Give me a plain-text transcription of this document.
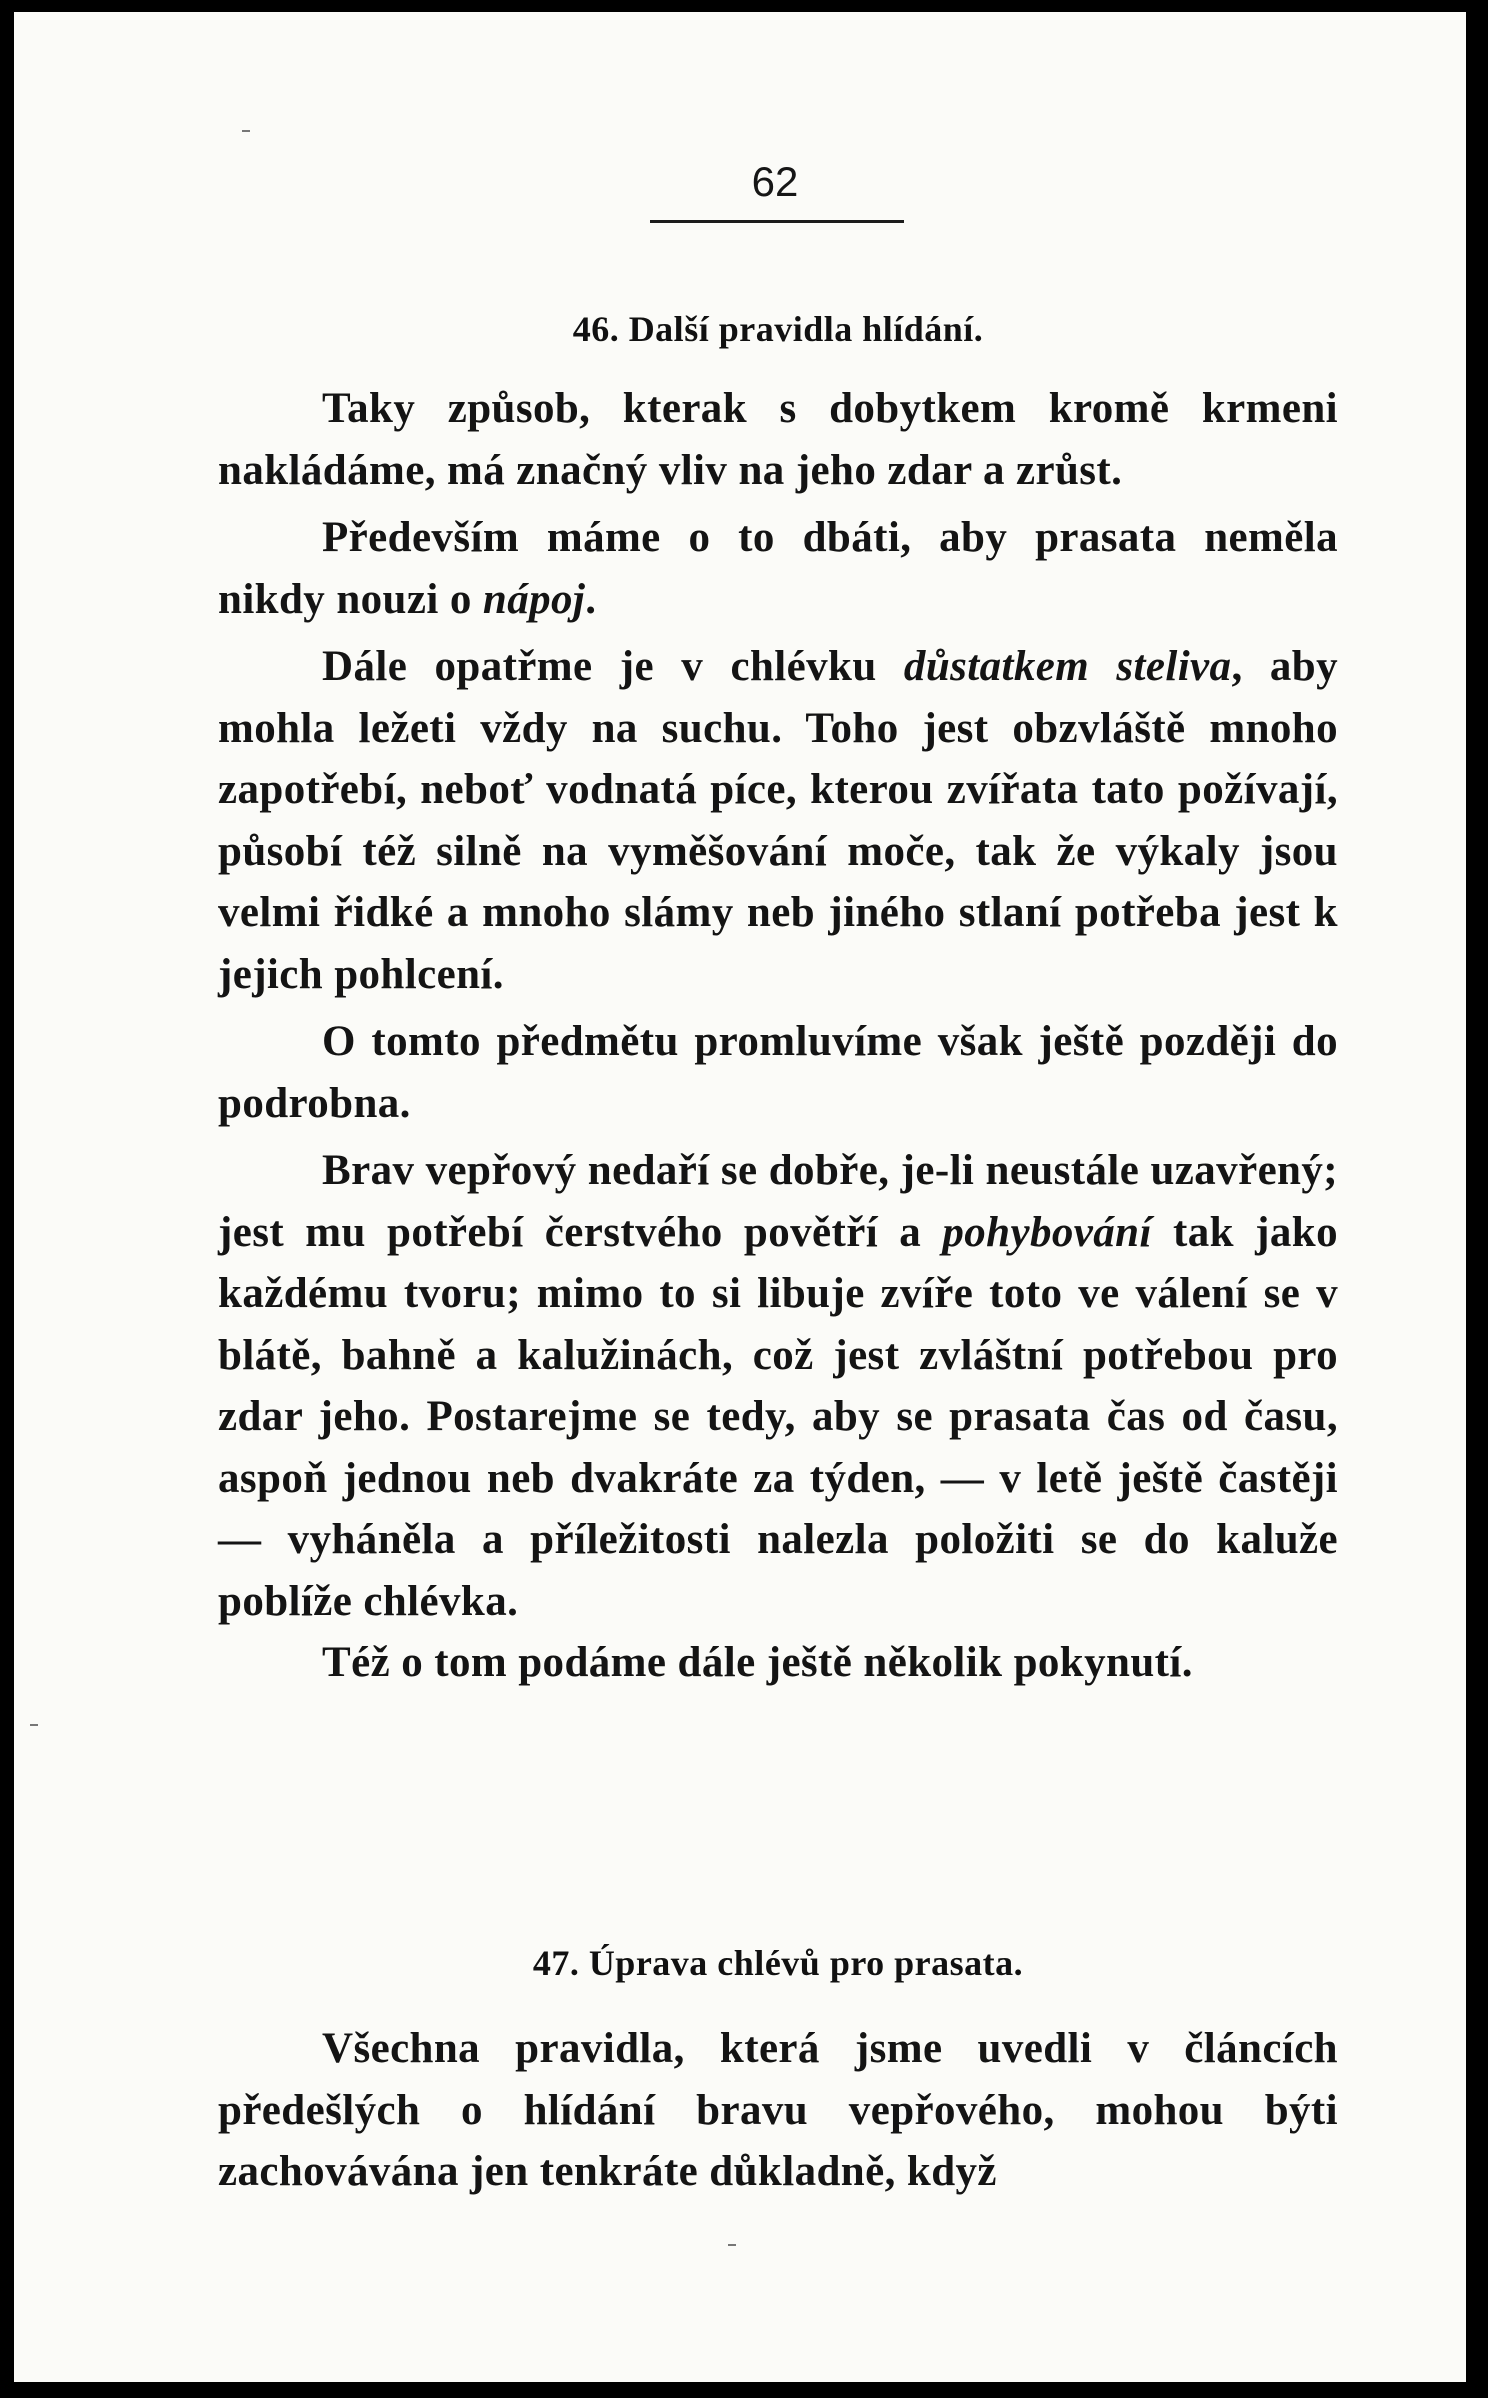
62
46. Další pravidla hlídání.

Taky způsob, kterak s dobytkem kromě krmeni nakládáme, má značný vliv na jeho zdar a zrůst.

Především máme o to dbáti, aby prasata neměla nikdy nouzi o nápoj.

Dále opatřme je v chlévku důstatkem steliva, aby mohla ležeti vždy na suchu. Toho jest obzvláště mnoho zapotřebí, neboť vodnatá píce, kterou zvířata tato požívají, působí též silně na vyměšování moče, tak že výkaly jsou velmi řidké a mnoho slámy neb jiného stlaní potřeba jest k jejich pohlcení.

O tomto předmětu promluvíme však ještě později do podrobna.

Brav vepřový nedaří se dobře, je-li neustále uzavřený; jest mu potřebí čerstvého povětří a pohybování tak jako každému tvoru; mimo to si libuje zvíře toto ve válení se v blátě, bahně a kalužinách, což jest zvláštní potřebou pro zdar jeho. Postarejme se tedy, aby se prasata čas od času, aspoň jednou neb dvakráte za týden, — v letě ještě častěji — vyháněla a příležitosti nalezla položiti se do kaluže poblíže chlévka.

Též o tom podáme dále ještě několik pokynutí.

47. Úprava chlévů pro prasata.

Všechna pravidla, která jsme uvedli v článcích předešlých o hlídání bravu vepřového, mohou býti zachovávána jen tenkráte důkladně, když
